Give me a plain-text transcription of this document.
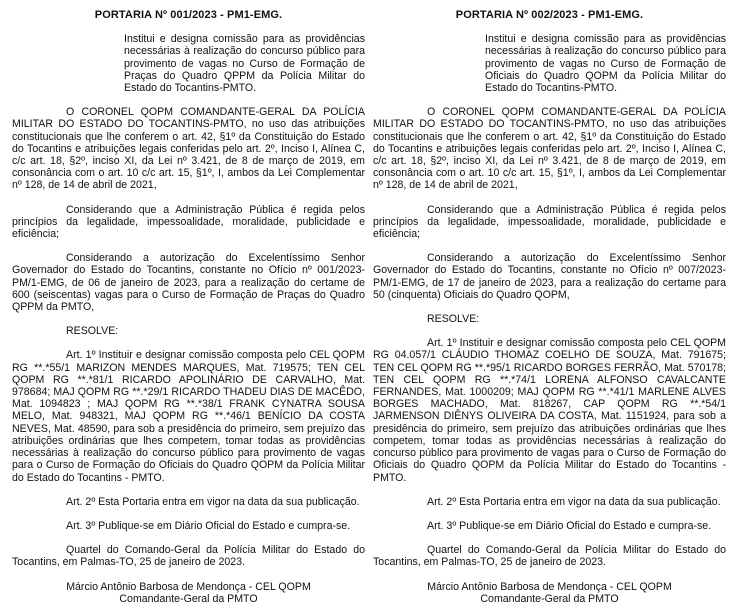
PORTARIA Nº 001/2023 - PM1-EMG.
Institui e designa comissão para as providências necessárias à realização do concurso público para provimento de vagas no Curso de Formação de Praças do Quadro QPPM da Polícia Militar do Estado do Tocantins-PMTO.

O CORONEL QOPM COMANDANTE-GERAL DA POLÍCIA MILITAR DO ESTADO DO TOCANTINS-PMTO, no uso das atribuições constitucionais que lhe conferem o art. 42, §1º da Constituição do Estado do Tocantins e atribuições legais conferidas pelo art. 2º, Inciso I, Alínea C, c/c art. 18, §2º, inciso XI, da Lei nº 3.421, de 8 de março de 2019, em consonância com o art. 10 c/c art. 15, §1º, I, ambos da Lei Complementar nº 128, de 14 de abril de 2021,

Considerando que a Administração Pública é regida pelos princípios da legalidade, impessoalidade, moralidade, publicidade e eficiência;

Considerando a autorização do Excelentíssimo Senhor Governador do Estado do Tocantins, constante no Ofício nº 001/2023-PM/1-EMG, de 06 de janeiro de 2023, para a realização do certame de 600 (seiscentas) vagas para o Curso de Formação de Praças do Quadro QPPM da PMTO,

RESOLVE:

Art. 1º Instituir e designar comissão composta pelo CEL QOPM RG **.*55/1 MARIZON MENDES MARQUES, Mat. 719575; TEN CEL QOPM RG **.*81/1 RICARDO APOLINÁRIO DE CARVALHO, Mat. 978684; MAJ QOPM RG **.*29/1 RICARDO THADEU DIAS DE MACÊDO, Mat. 1094823 ; MAJ QOPM RG **.*38/1 FRANK CYNATRA SOUSA MELO, Mat. 948321, MAJ QOPM RG **.*46/1 BENÍCIO DA COSTA NEVES, Mat. 48590, para sob a presidência do primeiro, sem prejuízo das atribuições ordinárias que lhes competem, tomar todas as providências necessárias à realização do concurso público para provimento de vagas para o Curso de Formação do Oficiais do Quadro QOPM da Polícia Militar do Estado do Tocantins - PMTO.

Art. 2º Esta Portaria entra em vigor na data da sua publicação.

Art. 3º Publique-se em Diário Oficial do Estado e cumpra-se.

Quartel do Comando-Geral da Polícia Militar do Estado do Tocantins, em Palmas-TO, 25 de janeiro de 2023.

Márcio Antônio Barbosa de Mendonça - CEL QOPM
Comandante-Geral da PMTO
PORTARIA Nº 002/2023 - PM1-EMG.
Institui e designa comissão para as providências necessárias à realização do concurso público para provimento de vagas no Curso de Formação de Oficiais do Quadro QOPM da Polícia Militar do Estado do Tocantins-PMTO.

O CORONEL QOPM COMANDANTE-GERAL DA POLÍCIA MILITAR DO ESTADO DO TOCANTINS-PMTO, no uso das atribuições constitucionais que lhe conferem o art. 42, §1º da Constituição do Estado do Tocantins e atribuições legais conferidas pelo art. 2º, Inciso I, Alínea C, c/c art. 18, §2º, inciso XI, da Lei nº 3.421, de 8 de março de 2019, em consonância com o art. 10 c/c art. 15, §1º, I, ambos da Lei Complementar nº 128, de 14 de abril de 2021,

Considerando que a Administração Pública é regida pelos princípios da legalidade, impessoalidade, moralidade, publicidade e eficiência;

Considerando a autorização do Excelentíssimo Senhor Governador do Estado do Tocantins, constante no Ofício nº 007/2023-PM/1-EMG, de 17 de janeiro de 2023, para a realização do certame para 50 (cinquenta) Oficiais do Quadro QOPM,

RESOLVE:

Art. 1º Instituir e designar comissão composta pelo CEL QOPM RG 04.057/1 CLÁUDIO THOMAZ COELHO DE SOUZA, Mat. 791675; TEN CEL QOPM RG **.*95/1 RICARDO BORGES FERRÃO, Mat. 570178; TEN CEL QOPM RG **.*74/1 LORENA ALFONSO CAVALCANTE FERNANDES, Mat. 1000209; MAJ QOPM RG **.*41/1 MARLENE ALVES BORGES MACHADO, Mat. 818267, CAP QOPM RG **.*54/1 JARMENSON DIÊNYS OLIVEIRA DA COSTA, Mat. 1151924, para sob a presidência do primeiro, sem prejuízo das atribuições ordinárias que lhes competem, tomar todas as providências necessárias à realização do concurso público para provimento de vagas para o Curso de Formação do Oficiais do Quadro QOPM da Polícia Militar do Estado do Tocantins - PMTO.

Art. 2º Esta Portaria entra em vigor na data da sua publicação.

Art. 3º Publique-se em Diário Oficial do Estado e cumpra-se.

Quartel do Comando-Geral da Polícia Militar do Estado do Tocantins, em Palmas-TO, 25 de janeiro de 2023.

Márcio Antônio Barbosa de Mendonça - CEL QOPM
Comandante-Geral da PMTO
